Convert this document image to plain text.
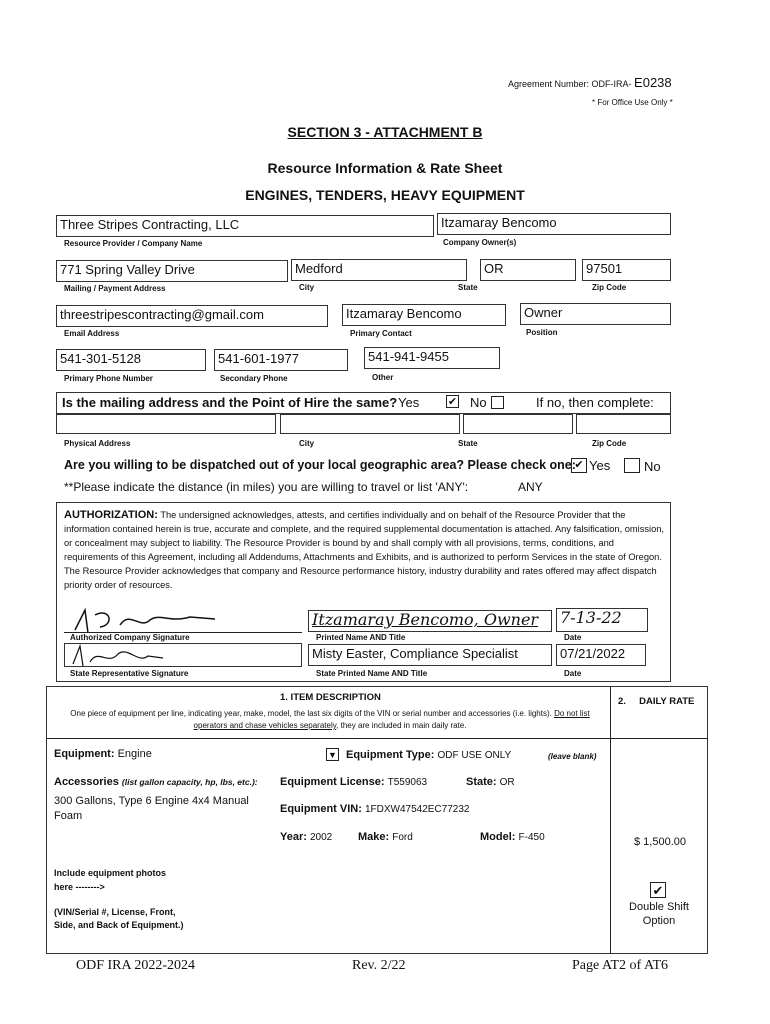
Agreement Number: ODF-IRA- E0238
* For Office Use Only *
SECTION 3 - ATTACHMENT B
Resource Information & Rate Sheet
ENGINES, TENDERS, HEAVY EQUIPMENT
Three Stripes Contracting, LLC
Resource Provider / Company Name
Itzamaray Bencomo
Company Owner(s)
771 Spring Valley Drive
Mailing / Payment Address
Medford
City
OR
State
97501
Zip Code
threestripescontracting@gmail.com
Email Address
Itzamaray Bencomo
Primary Contact
Owner
Position
541-301-5128
Primary Phone Number
541-601-1977
Secondary Phone
541-941-9455
Other
Is the mailing address and the Point of Hire the same? Yes	✔ No	If no, then complete:
Physical Address	City	State	Zip Code
Are you willing to be dispatched out of your local geographic area? Please check one:
✔ Yes	No
**Please indicate the distance (in miles) you are willing to travel or list 'ANY':	ANY
AUTHORIZATION: The undersigned acknowledges, attests, and certifies individually and on behalf of the Resource Provider that the information contained herein is true, accurate and complete, and the required supplemental documentation is attached. Any falsification, omission, or concealment may subject to liability. The Resource Provider is bound by and shall comply with all provisions, terms, conditions, and requirements of this Agreement, including all Addendums, Attachments and Exhibits, and is authorized to perform Services in the state of Oregon. The Resource Provider acknowledges that company and Resource performance history, industry durability and rates offered may affect dispatch priority order of resources.
Authorized Company Signature
Itzamaray Bencomo, Owner
Printed Name AND Title
7-13-22
Date
State Representative Signature
Misty Easter, Compliance Specialist
State Printed Name AND Title
07/21/2022
Date
1. ITEM DESCRIPTION
One piece of equipment per line, indicating year, make, model, the last six digits of the VIN or serial number and accessories (i.e. lights). Do not list operators and chase vehicles separately, they are included in main daily rate.
2.     DAILY RATE
Equipment: Engine	▼ Equipment Type: ODF USE ONLY	(leave blank)
Accessories (list gallon capacity, hp, lbs, etc.):
300 Gallons, Type 6 Engine 4x4 Manual Foam
Equipment License: T559063	State: OR
Equipment VIN: 1FDXW47542EC77232
Year: 2002 Make: Ford	Model: F-450	$ 1,500.00
Include equipment photos here -------->
(VIN/Serial #, License, Front, Side, and Back of Equipment.)
✔
Double Shift Option
ODF IRA 2022-2024	Rev. 2/22	Page AT2 of AT6
